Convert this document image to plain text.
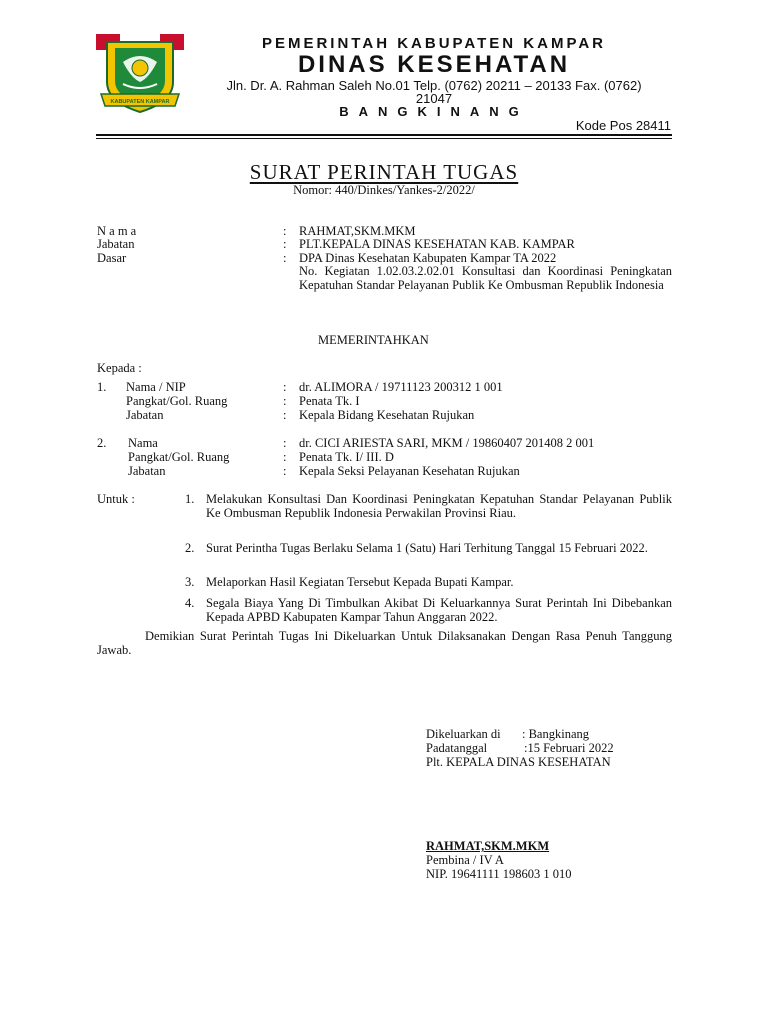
KABUPATEN KAMPAR
PEMERINTAH KABUPATEN KAMPAR
DINAS KESEHATAN
Jln. Dr. A. Rahman Saleh No.01 Telp. (0762) 20211 – 20133 Fax. (0762)
21047
BANGKINANG
Kode Pos 28411
SURAT PERINTAH TUGAS
Nomor: 440/Dinkes/Yankes-2/2022/
N a m a	: RAHMAT,SKM.MKM
Jabatan	: PLT.KEPALA DINAS KESEHATAN KAB. KAMPAR
Dasar	: DPA Dinas Kesehatan Kabupaten Kampar TA 2022
No. Kegiatan 1.02.03.2.02.01 Konsultasi dan Koordinasi Peningkatan Kepatuhan Standar Pelayanan Publik Ke Ombusman Republik Indonesia
MEMERINTAHKAN
Kepada :
1. Nama / NIP	: dr. ALIMORA / 19711123 200312 1 001
Pangkat/Gol. Ruang	: Penata Tk. I
Jabatan	: Kepala Bidang Kesehatan Rujukan
2. Nama	: dr. CICI ARIESTA SARI, MKM / 19860407 201408 2 001
Pangkat/Gol. Ruang	: Penata Tk. I/ III. D
Jabatan	: Kepala Seksi Pelayanan Kesehatan Rujukan
Untuk :	1. Melakukan Konsultasi Dan Koordinasi Peningkatan Kepatuhan Standar Pelayanan Publik Ke Ombusman Republik Indonesia Perwakilan Provinsi Riau.
2. Surat Perintha Tugas Berlaku Selama 1 (Satu) Hari Terhitung Tanggal 15 Februari 2022.
3. Melaporkan Hasil Kegiatan Tersebut Kepada Bupati Kampar.
4. Segala Biaya Yang Di Timbulkan Akibat Di Keluarkannya Surat Perintah Ini Dibebankan Kepada APBD Kabupaten Kampar Tahun Anggaran 2022.
Demikian Surat Perintah Tugas Ini Dikeluarkan Untuk Dilaksanakan Dengan Rasa Penuh Tanggung Jawab.
Dikeluarkan di : Bangkinang
Padatanggal	:15 Februari 2022
Plt. KEPALA DINAS KESEHATAN
RAHMAT,SKM.MKM
Pembina / IV A
NIP. 19641111 198603 1 010
